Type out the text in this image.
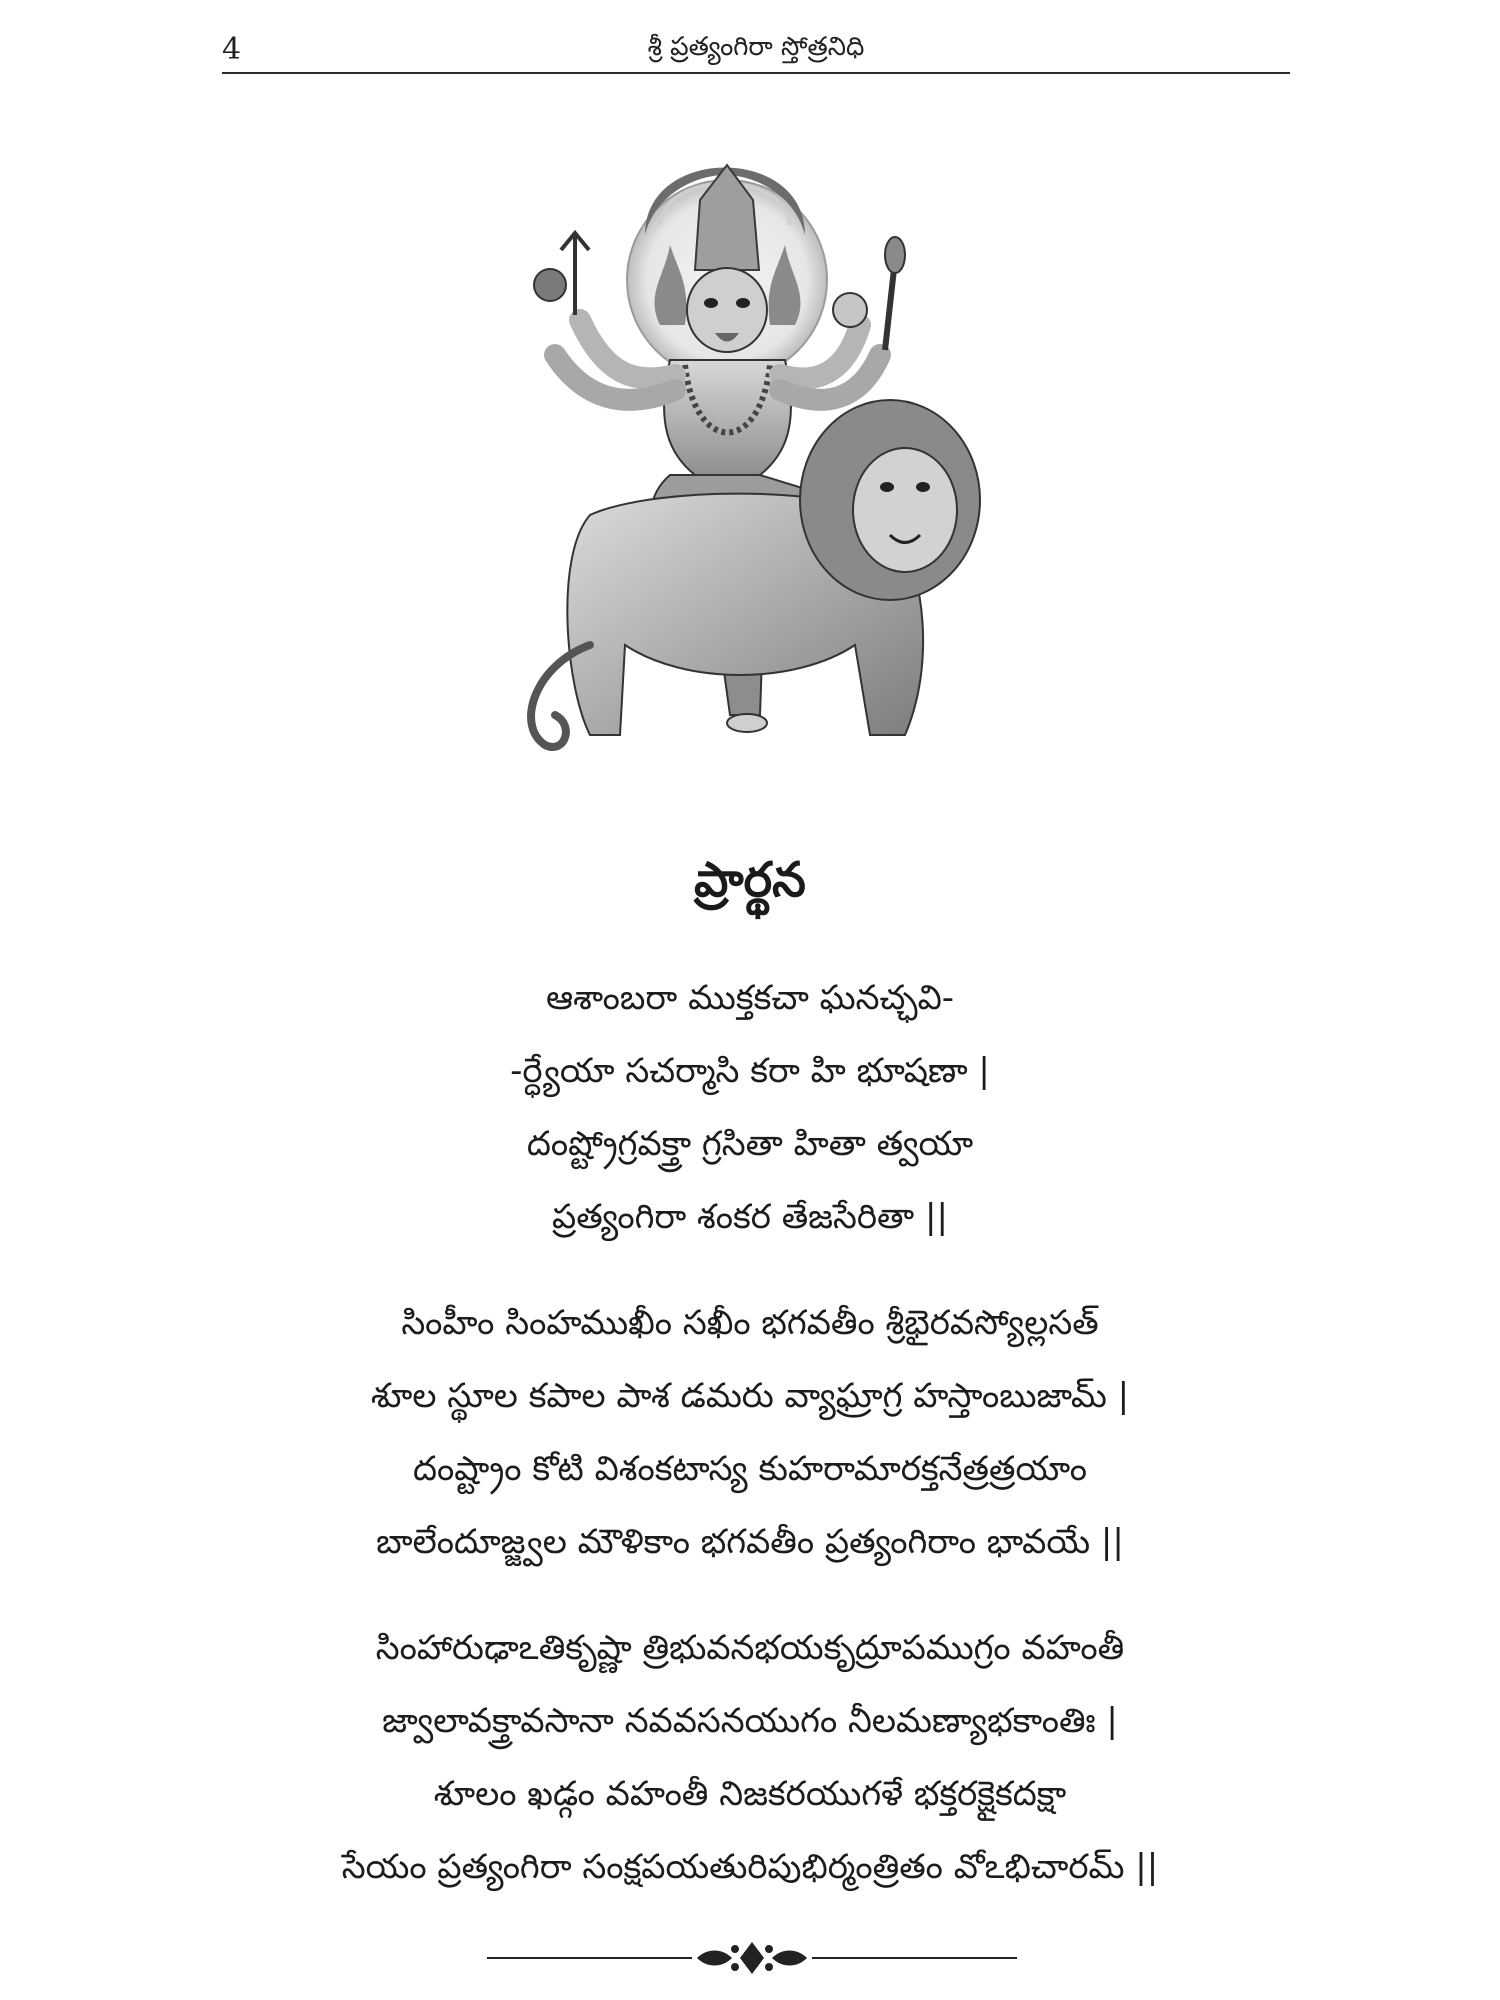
4	శ్రీ ప్రత్యంగిరా స్తోత్రనిధి
ప్రార్థన
ఆశాంబరా ముక్తకచా ఘనచ్ఛవి-
-ర్ధ్యేయా సచర్మాసి కరా హి భూషణా |
దంష్ట్రోగ్రవక్త్రా గ్రసితా హితా త్వయా
ప్రత్యంగిరా శంకర తేజసేరితా ||
సింహీం సింహముఖీం సఖీం భగవతీం శ్రీభైరవస్యోల్లసత్
శూల స్థూల కపాల పాశ డమరు వ్యాఘ్రాగ్ర హస్తాంబుజామ్ |
దంష్ట్రాం కోటి విశంకటాస్య కుహరామారక్తనేత్రత్రయాం
బాలేందూజ్జ్వల మౌళికాం భగవతీం ప్రత్యంగిరాం భావయే ||
సింహారుఢాఽతికృష్ణా త్రిభువనభయకృద్రూపముగ్రం వహంతీ
జ్వాలావక్త్రావసానా నవవసనయుగం నీలమణ్యాభకాంతిః |
శూలం ఖడ్గం వహంతీ నిజకరయుగళే భక్తరక్షైకదక్షా
సేయం ప్రత్యంగిరా సంక్షపయతురిపుభిర్మంత్రితం వోఽభిచారమ్ ||
